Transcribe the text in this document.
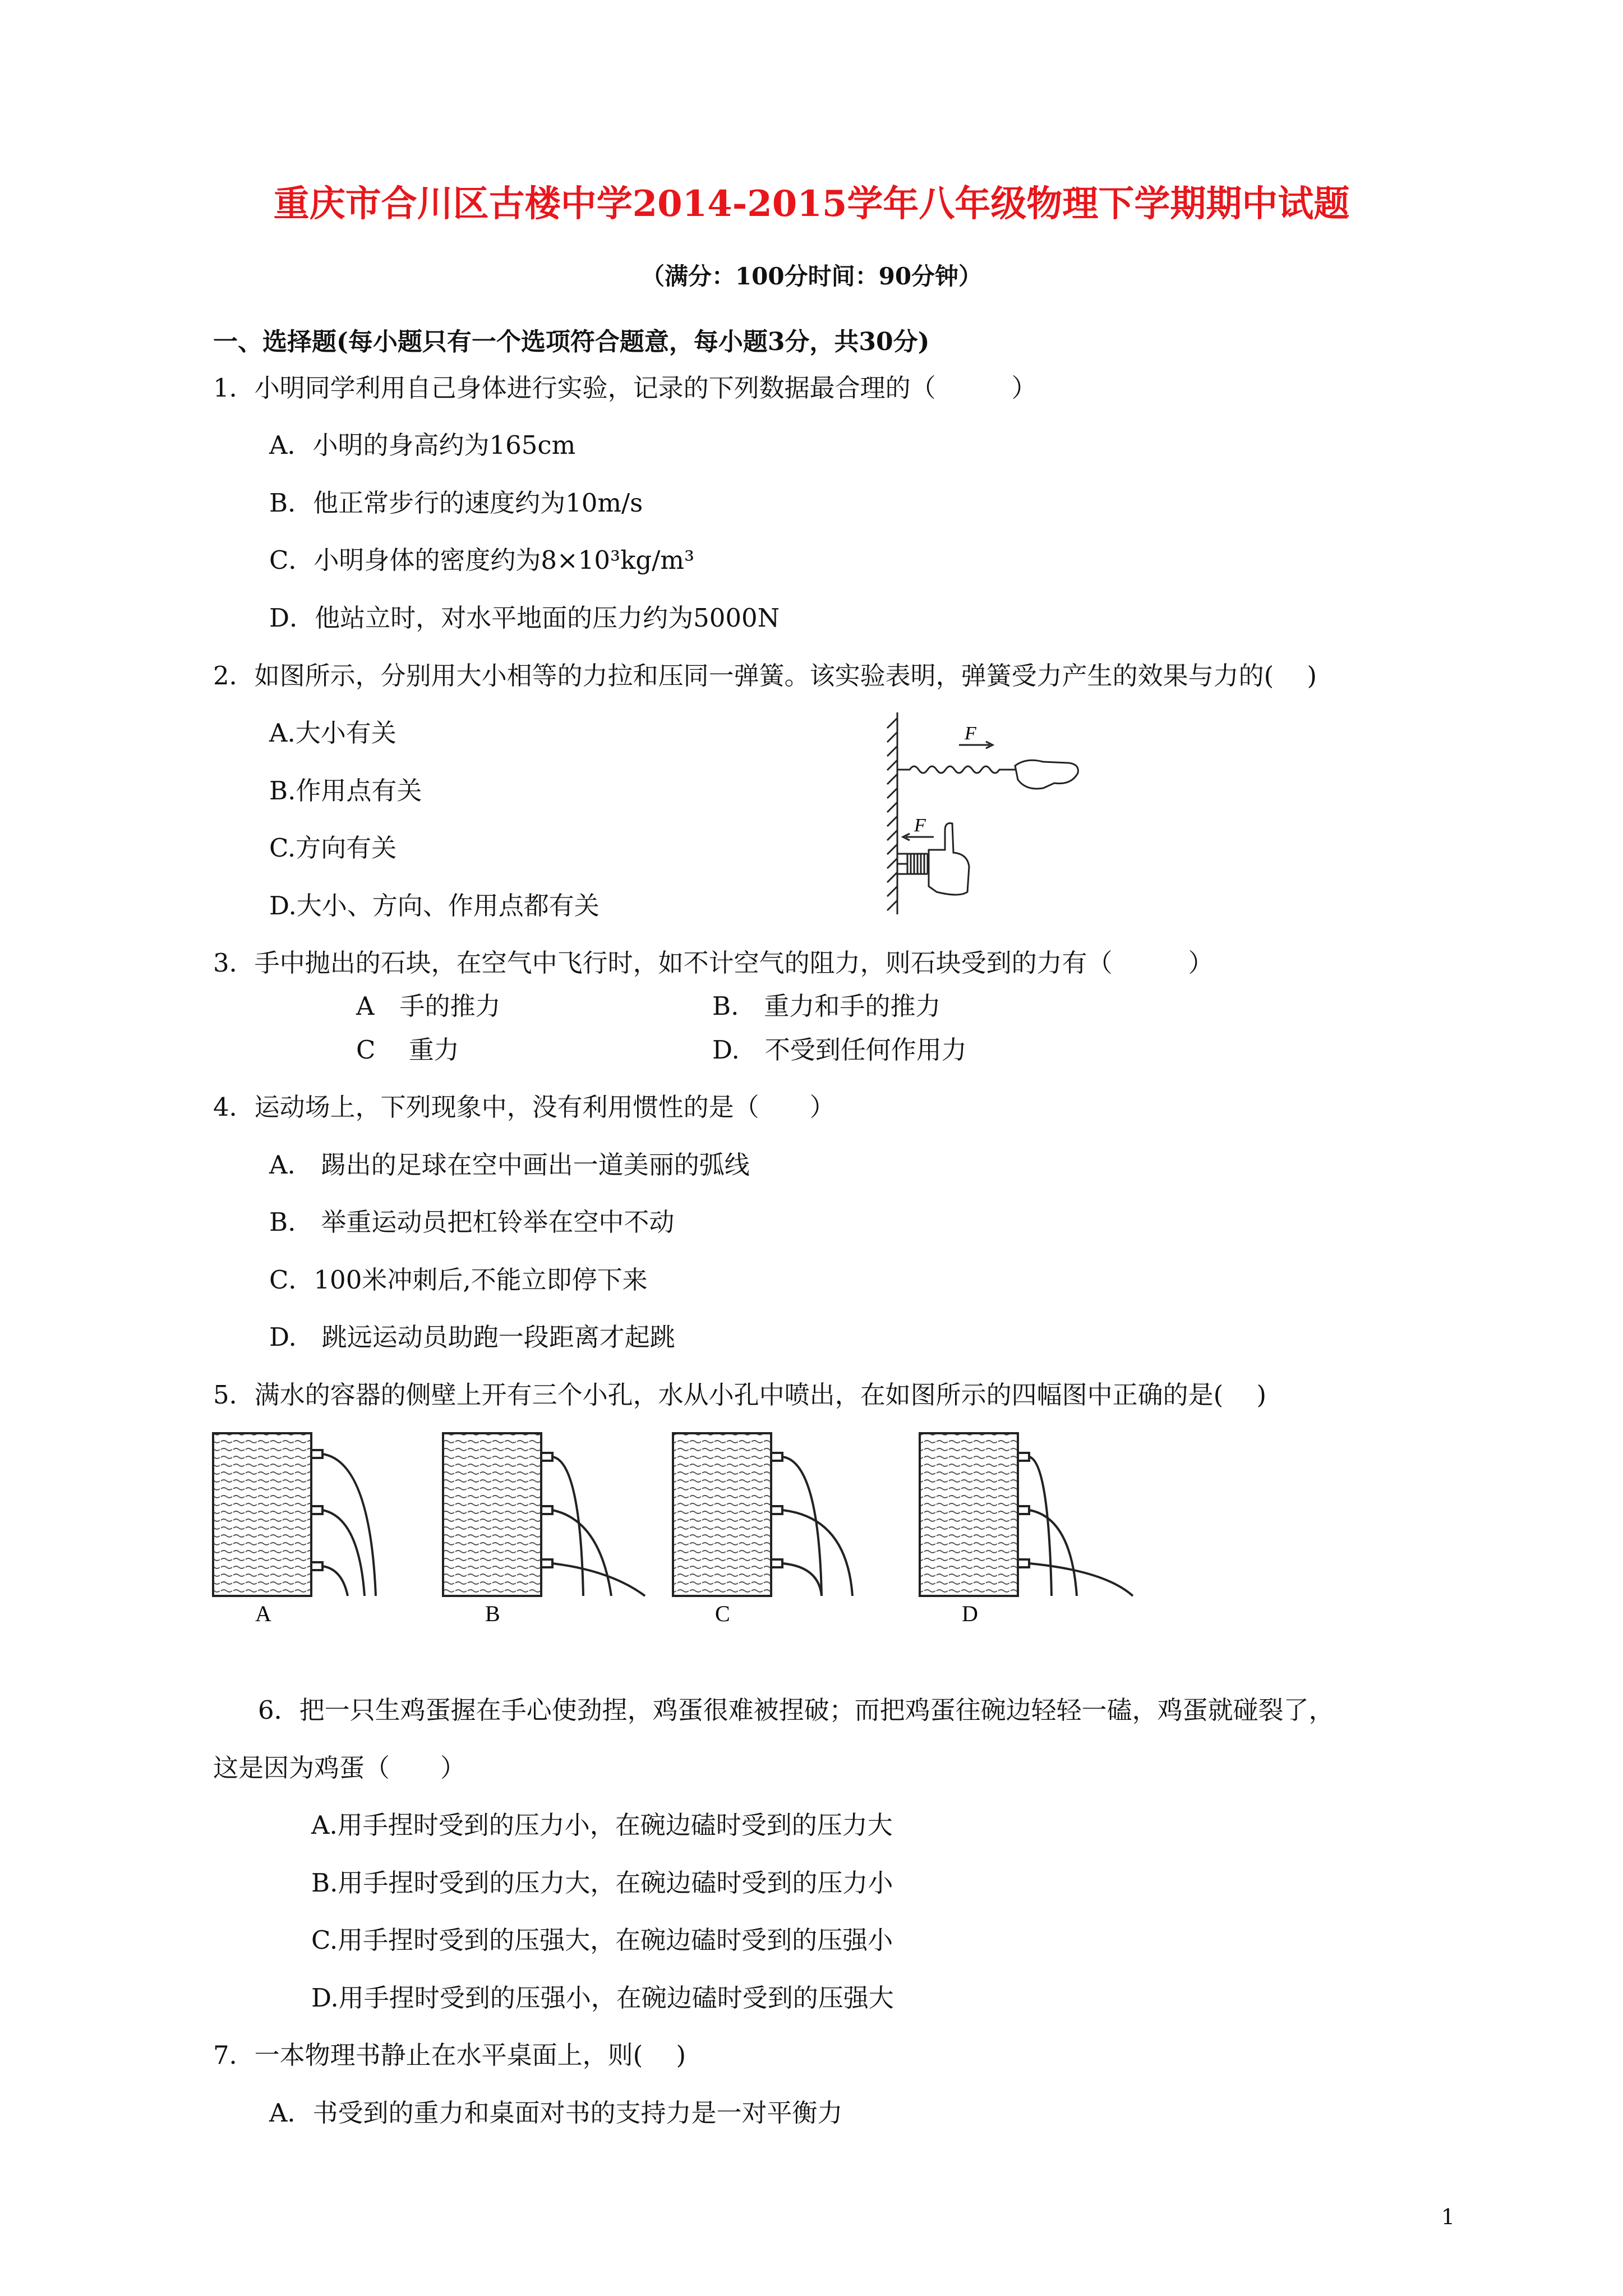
重庆市合川区古楼中学2014-2015学年八年级物理下学期期中试题
（满分：100分时间：90分钟）
一、选择题(每小题只有一个选项符合题意，每小题3分，共30分)
1．小明同学利用自己身体进行实验，记录的下列数据最合理的（　　　）
A．小明的身高约为165cm
B．他正常步行的速度约为10m/s
C．小明身体的密度约为8×10³kg/m³
D．他站立时，对水平地面的压力约为5000N
2．如图所示，分别用大小相等的力拉和压同一弹簧。该实验表明，弹簧受力产生的效果与力的(　 )
A.大小有关
B.作用点有关
C.方向有关
D.大小、方向、作用点都有关
F
F
3．手中抛出的石块，在空气中飞行时，如不计空气的阻力，则石块受到的力有（　　　）
A　手的推力	B.　重力和手的推力
C　 重力	D.　不受到任何作用力
4．运动场上，下列现象中，没有利用惯性的是（　　）
A.　踢出的足球在空中画出一道美丽的弧线
B.　举重运动员把杠铃举在空中不动
C．100米冲刺后,不能立即停下来
D.　跳远运动员助跑一段距离才起跳
5．满水的容器的侧壁上开有三个小孔，水从小孔中喷出，在如图所示的四幅图中正确的是(　 )
A	B	C	D
6．把一只生鸡蛋握在手心使劲捏，鸡蛋很难被捏破；而把鸡蛋往碗边轻轻一磕，鸡蛋就碰裂了，
这是因为鸡蛋（　　）
A.用手捏时受到的压力小，在碗边磕时受到的压力大
B.用手捏时受到的压力大，在碗边磕时受到的压力小
C.用手捏时受到的压强大，在碗边磕时受到的压强小
D.用手捏时受到的压强小，在碗边磕时受到的压强大
7．一本物理书静止在水平桌面上，则(　 )
A．书受到的重力和桌面对书的支持力是一对平衡力
1
